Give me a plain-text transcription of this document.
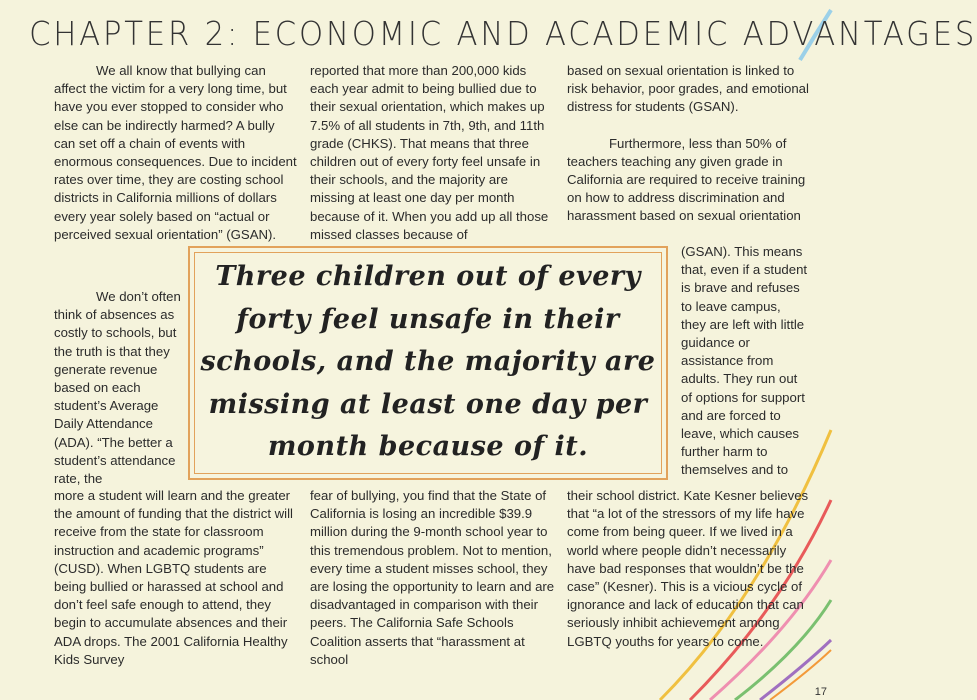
CHAPTER 2: ECONOMIC AND ACADEMIC ADVANTAGES

We all know that bullying can affect the victim for a very long time, but have you ever stopped to consider who else can be indirectly harmed? A bully can set off a chain of events with enormous consequences. Due to incident rates over time, they are costing school districts in California millions of dollars every year solely based on “actual or perceived sexual orientation” (GSAN).

We don’t often think of absences as costly to schools, but the truth is that they generate revenue based on each student’s Average Daily Attendance (ADA). “The better a student’s attendance rate, the

more a student will learn and the greater the amount of funding that the district will receive from the state for classroom instruction and academic programs” (CUSD). When LGBTQ students are being bullied or harassed at school and don’t feel safe enough to attend, they begin to accumulate absences and their ADA drops. The 2001 California Healthy Kids Survey

reported that more than 200,000 kids each year admit to being bullied due to their sexual orientation, which makes up 7.5% of all students in 7th, 9th, and 11th grade (CHKS). That means that three children out of every forty feel unsafe in their schools, and the majority are missing at least one day per month because of it. When you add up all those missed classes because of

fear of bullying, you find that the State of California is losing an incredible $39.9 million during the 9-month school year to this tremendous problem. Not to mention, every time a student misses school, they are losing the opportunity to learn and are disadvantaged in comparison with their peers. The California Safe Schools Coalition asserts that “harassment at school

based on sexual orientation is linked to risk behavior, poor grades, and emotional distress for students (GSAN).

Furthermore, less than 50% of teachers teaching any given grade in California are required to receive training on how to address discrimination and harassment based on sexual orientation

(GSAN). This means that, even if a student is brave and refuses to leave campus, they are left with little guidance or assistance from adults. They run out of options for support and are forced to leave, which causes further harm to themselves and to

their school district. Kate Kesner believes that “a lot of the stressors of my life have come from being queer. If we lived in a world where people didn’t necessarily have bad responses that wouldn’t be the case” (Kesner). This is a vicious cycle of ignorance and lack of education that can seriously inhibit achievement among LGBTQ youths for years to come.

Three children out of every forty feel unsafe in their schools, and the majority are missing at least one day per month because of it.
17
